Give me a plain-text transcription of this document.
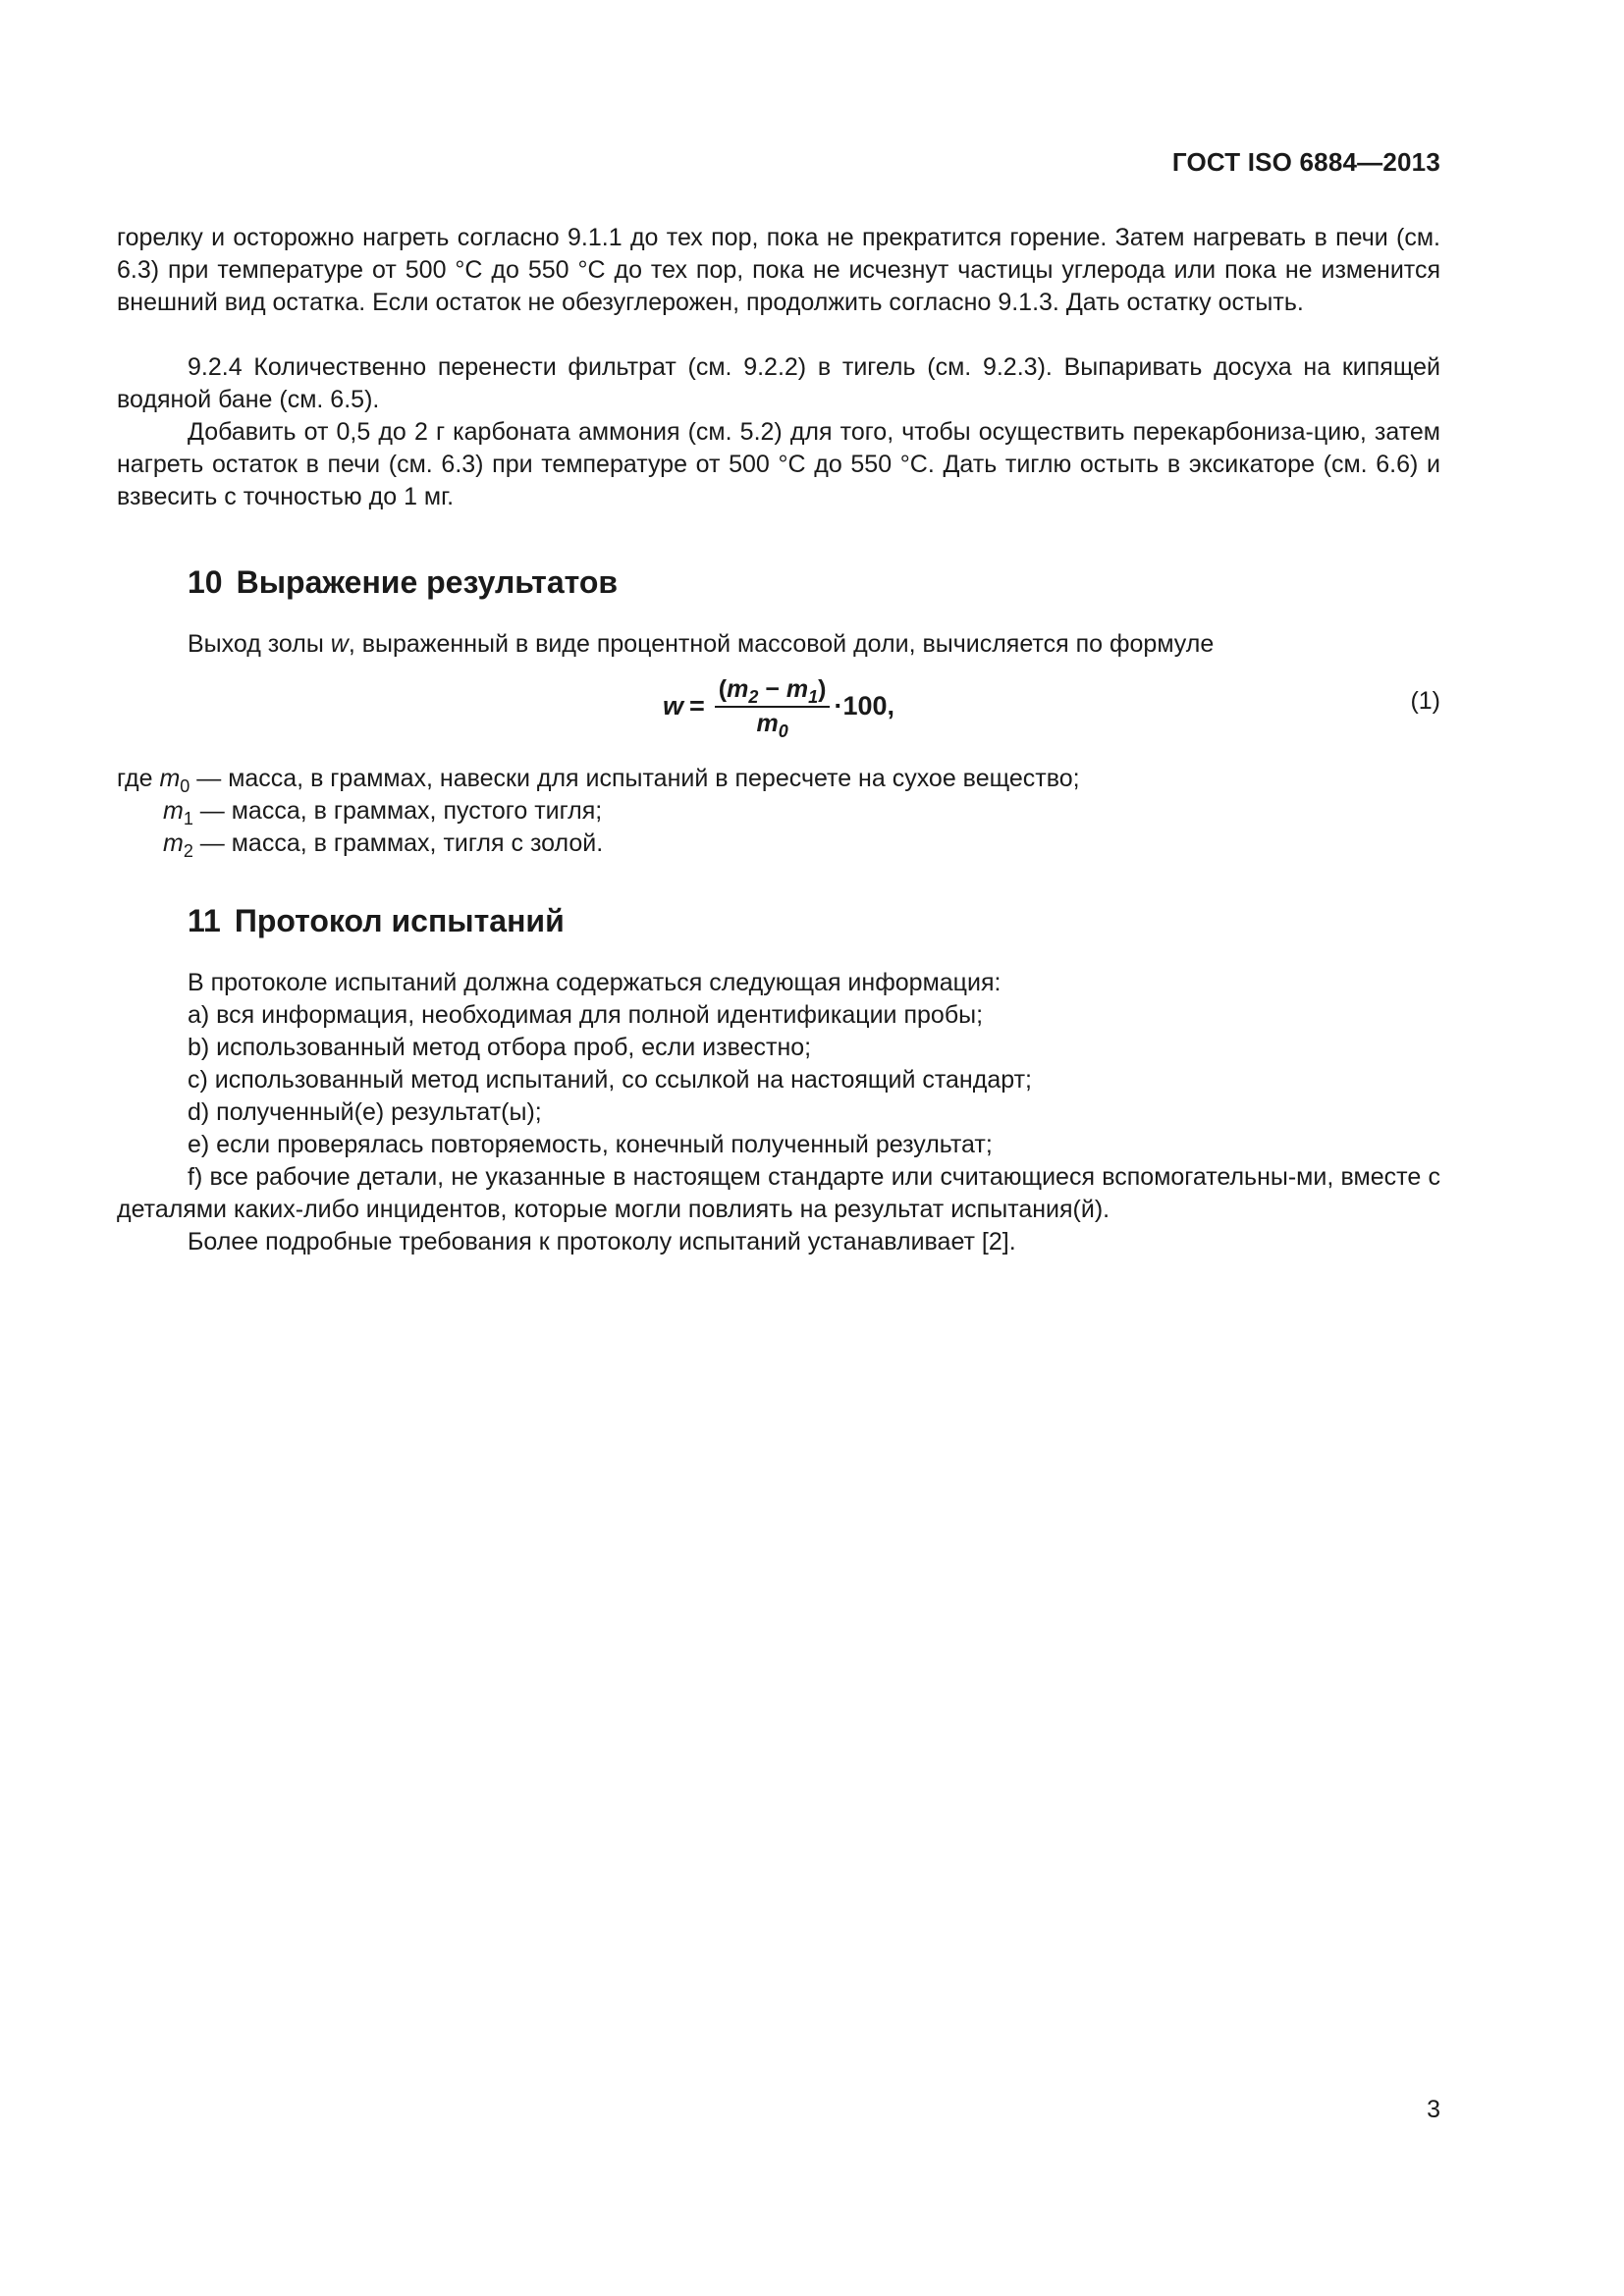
ГОСТ ISO 6884—2013

горелку и осторожно нагреть согласно 9.1.1 до тех пор, пока не прекратится горение. Затем нагревать в печи (см. 6.3) при температуре от 500 °С до 550 °С до тех пор, пока не исчезнут частицы углерода или пока не изменится внешний вид остатка. Если остаток не обезуглерожен, продолжить согласно 9.1.3. Дать остатку остыть.

9.2.4 Количественно перенести фильтрат (см. 9.2.2) в тигель (см. 9.2.3). Выпаривать досуха на кипящей водяной бане (см. 6.5).

Добавить от 0,5 до 2 г карбоната аммония (см. 5.2) для того, чтобы осуществить перекарбониза-цию, затем нагреть остаток в печи (см. 6.3) при температуре от 500 °С до 550 °С. Дать тиглю остыть в эксикаторе (см. 6.6) и взвесить с точностью до 1 мг.

10 Выражение результатов

Выход золы w, выраженный в виде процентной массовой доли, вычисляется по формуле

$w = \frac{(m_2 - m_1)}{m_0} \cdot 100$,	(1)

где $m_0$ — масса, в граммах, навески для испытаний в пересчете на сухое вещество;

$m_1$ — масса, в граммах, пустого тигля;

$m_2$ — масса, в граммах, тигля с золой.

11 Протокол испытаний

В протоколе испытаний должна содержаться следующая информация:

a) вся информация, необходимая для полной идентификации пробы;

b) использованный метод отбора проб, если известно;

c) использованный метод испытаний, со ссылкой на настоящий стандарт;

d) полученный(е) результат(ы);

e) если проверялась повторяемость, конечный полученный результат;

f) все рабочие детали, не указанные в настоящем стандарте или считающиеся вспомогательны-ми, вместе с деталями каких-либо инцидентов, которые могли повлиять на результат испытания(й).

Более подробные требования к протоколу испытаний устанавливает [2].

3
